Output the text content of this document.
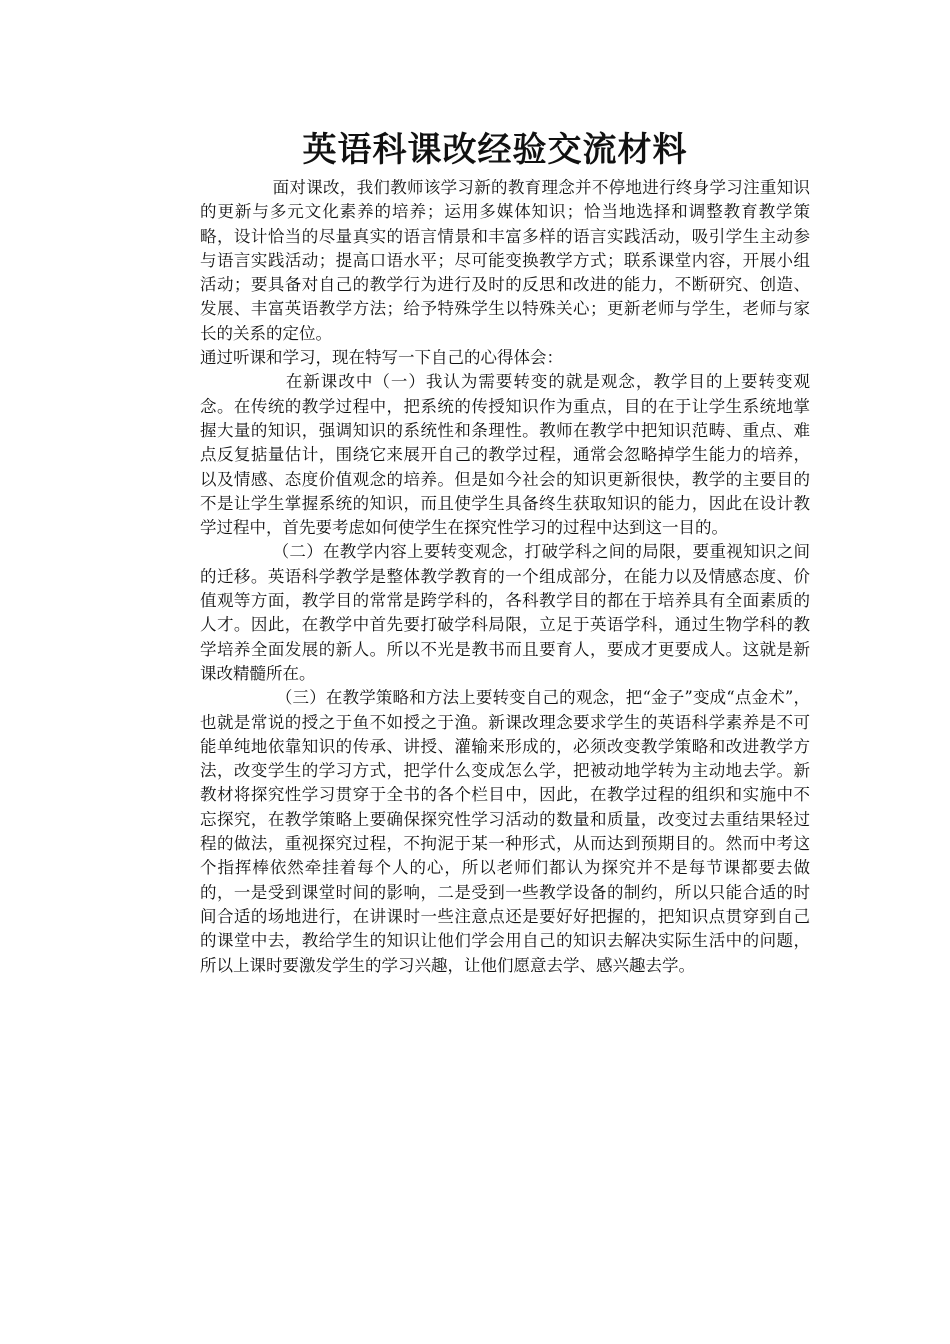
英语科课改经验交流材料

面对课改，我们教师该学习新的教育理念并不停地进行终身学习注重知识的更新与多元文化素养的培养；运用多媒体知识；恰当地选择和调整教育教学策略，设计恰当的尽量真实的语言情景和丰富多样的语言实践活动，吸引学生主动参与语言实践活动；提高口语水平；尽可能变换教学方式；联系课堂内容，开展小组活动；要具备对自己的教学行为进行及时的反思和改进的能力，不断研究、创造、发展、丰富英语教学方法；给予特殊学生以特殊关心；更新老师与学生，老师与家长的关系的定位。

通过听课和学习，现在特写一下自己的心得体会：

在新课改中（一）我认为需要转变的就是观念，教学目的上要转变观念。在传统的教学过程中，把系统的传授知识作为重点，目的在于让学生系统地掌握大量的知识，强调知识的系统性和条理性。教师在教学中把知识范畴、重点、难点反复掂量估计，围绕它来展开自己的教学过程，通常会忽略掉学生能力的培养，以及情感、态度价值观念的培养。但是如今社会的知识更新很快，教学的主要目的不是让学生掌握系统的知识，而且使学生具备终生获取知识的能力，因此在设计教学过程中，首先要考虑如何使学生在探究性学习的过程中达到这一目的。

（二）在教学内容上要转变观念，打破学科之间的局限，要重视知识之间的迁移。英语科学教学是整体教学教育的一个组成部分，在能力以及情感态度、价值观等方面，教学目的常常是跨学科的，各科教学目的都在于培养具有全面素质的人才。因此，在教学中首先要打破学科局限，立足于英语学科，通过生物学科的教学培养全面发展的新人。所以不光是教书而且要育人，要成才更要成人。这就是新课改精髓所在。

（三）在教学策略和方法上要转变自己的观念，把“金子”变成“点金术”，也就是常说的授之于鱼不如授之于渔。新课改理念要求学生的英语科学素养是不可能单纯地依靠知识的传承、讲授、灌输来形成的，必须改变教学策略和改进教学方法，改变学生的学习方式，把学什么变成怎么学，把被动地学转为主动地去学。新教材将探究性学习贯穿于全书的各个栏目中，因此，在教学过程的组织和实施中不忘探究，在教学策略上要确保探究性学习活动的数量和质量，改变过去重结果轻过程的做法，重视探究过程，不拘泥于某一种形式，从而达到预期目的。然而中考这个指挥棒依然牵挂着每个人的心，所以老师们都认为探究并不是每节课都要去做的，一是受到课堂时间的影响，二是受到一些教学设备的制约，所以只能合适的时间合适的场地进行，在讲课时一些注意点还是要好好把握的，把知识点贯穿到自己的课堂中去，教给学生的知识让他们学会用自己的知识去解决实际生活中的问题，所以上课时要激发学生的学习兴趣，让他们愿意去学、感兴趣去学。
